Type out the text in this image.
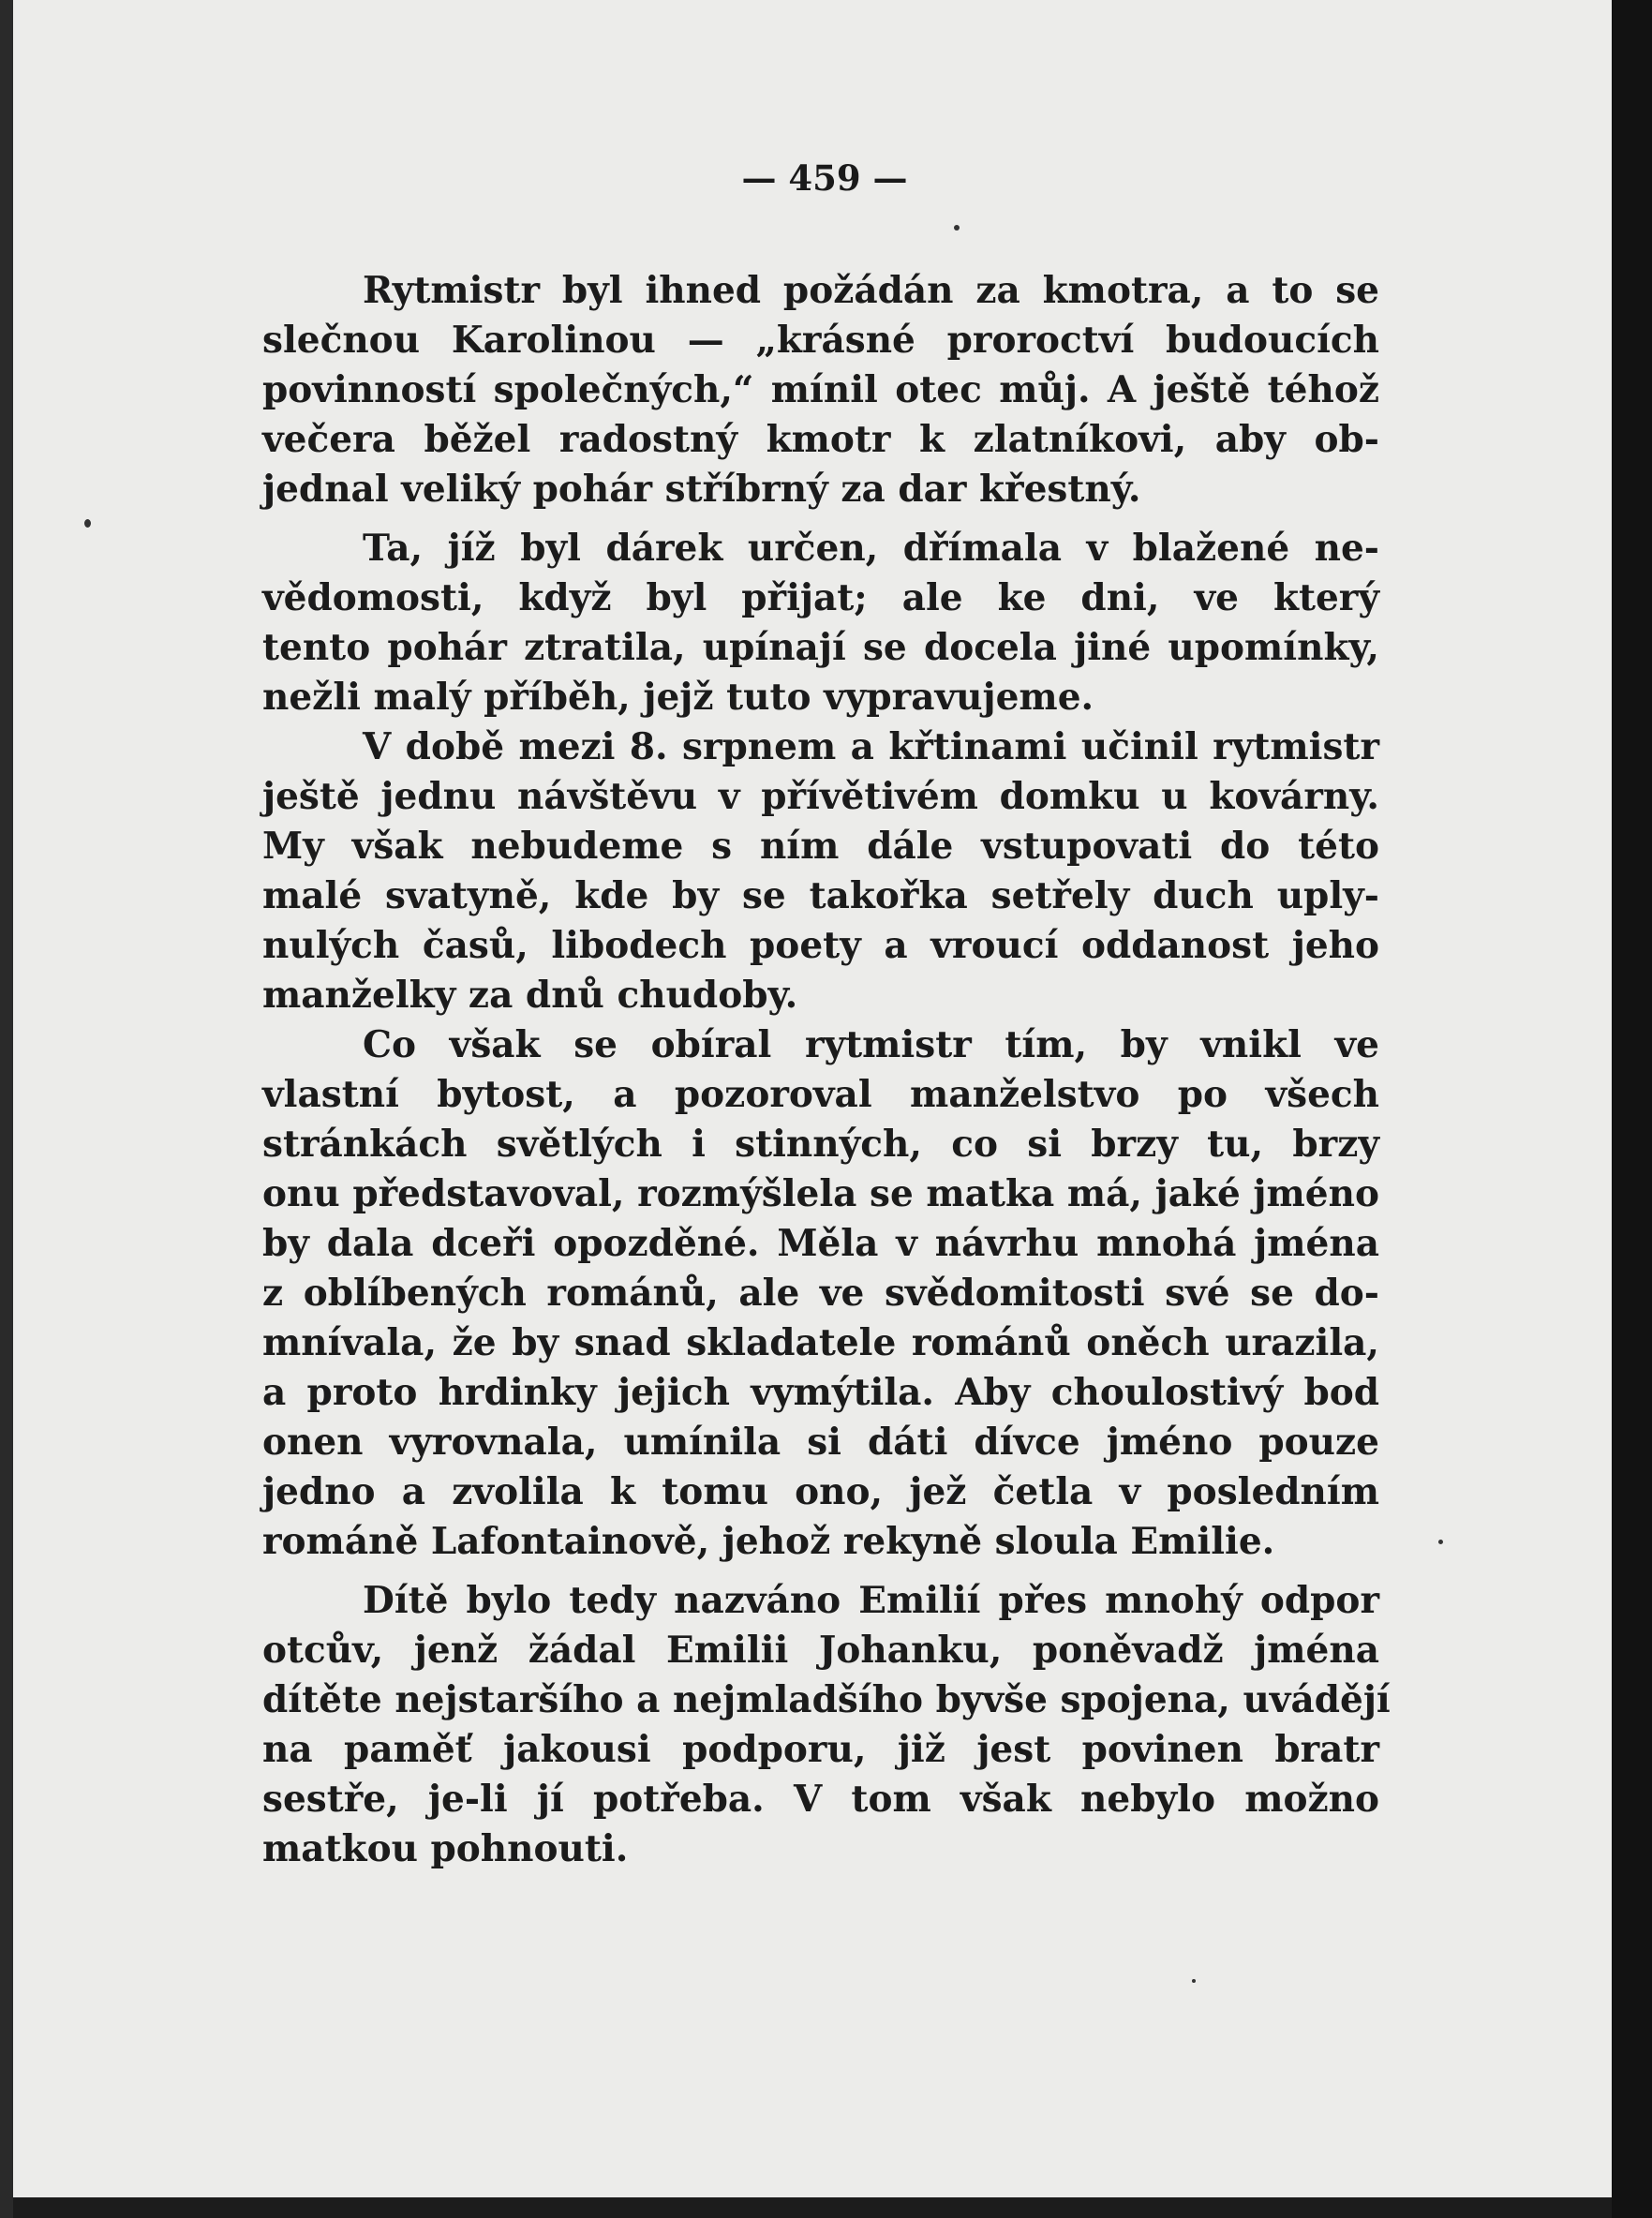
— 459 —
Rytmistr byl ihned požádán za kmotra, a to se
slečnou Karolinou — „krásné proroctví budoucích
povinností společných,“ mínil otec můj. A ještě téhož
večera běžel radostný kmotr k zlatníkovi, aby ob-
jednal veliký pohár stříbrný za dar křestný.
Ta, jíž byl dárek určen, dřímala v blažené ne-
vědomosti, když byl přijat; ale ke dni, ve který
tento pohár ztratila, upínají se docela jiné upomínky,
nežli malý příběh, jejž tuto vypravujeme.
V době mezi 8. srpnem a křtinami učinil rytmistr
ještě jednu návštěvu v přívětivém domku u kovárny.
My však nebudeme s ním dále vstupovati do této
malé svatyně, kde by se takořka setřely duch uply-
nulých časů, libodech poety a vroucí oddanost jeho
manželky za dnů chudoby.
Co však se obíral rytmistr tím, by vnikl ve
vlastní bytost, a pozoroval manželstvo po všech
stránkách světlých i stinných, co si brzy tu, brzy
onu představoval, rozmýšlela se matka má, jaké jméno
by dala dceři opozděné. Měla v návrhu mnohá jména
z oblíbených románů, ale ve svědomitosti své se do-
mnívala, že by snad skladatele románů oněch urazila,
a proto hrdinky jejich vymýtila. Aby choulostivý bod
onen vyrovnala, umínila si dáti dívce jméno pouze
jedno a zvolila k tomu ono, jež četla v posledním
románě Lafontainově, jehož rekyně sloula Emilie.
Dítě bylo tedy nazváno Emilií přes mnohý odpor
otcův, jenž žádal Emilii Johanku, poněvadž jména
dítěte nejstaršího a nejmladšího byvše spojena, uvádějí
na paměť jakousi podporu, již jest povinen bratr
sestře, je-li jí potřeba. V tom však nebylo možno
matkou pohnouti.
